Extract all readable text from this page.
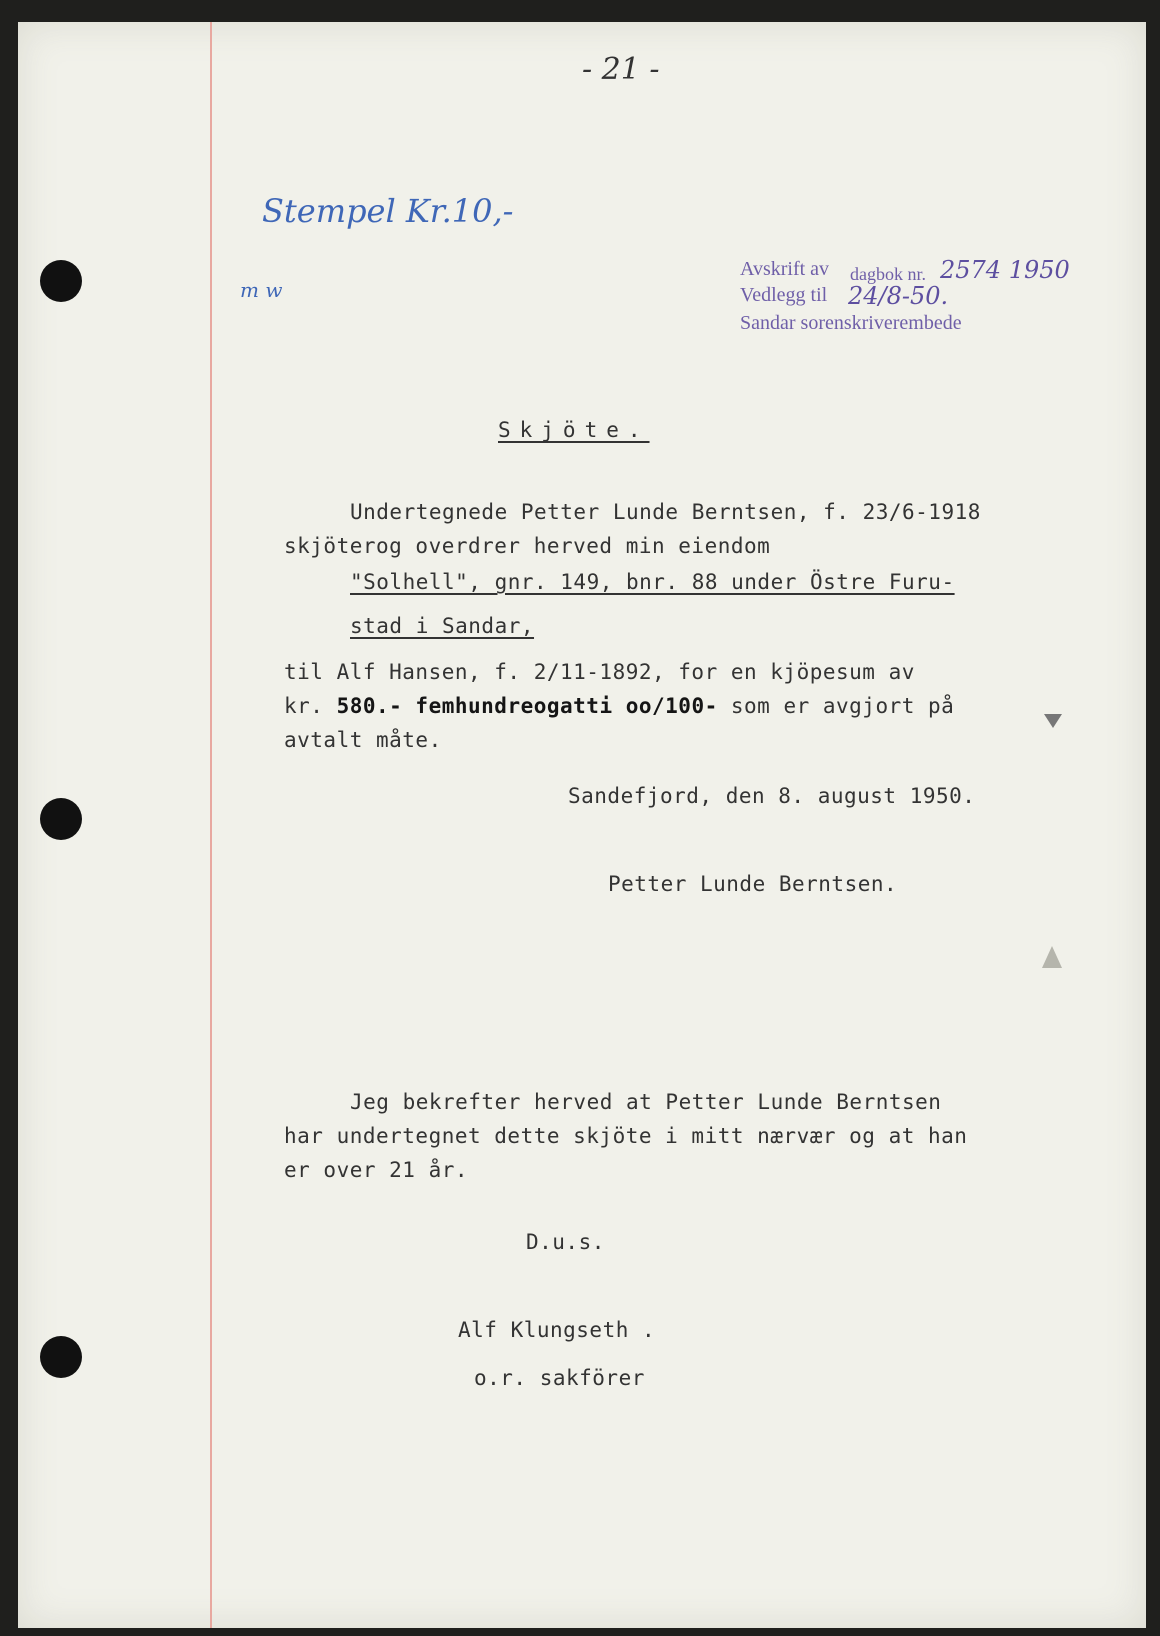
- 21 -
Stempel Kr.10,-
m w
Avskrift av dagbok nr. 2574 1950
Vedlegg til 24/8-50.
Sandar sorenskriverembede
Skjöte.
Undertegnede Petter Lunde Berntsen, f. 23/6-1918
skjöterog overdrer herved min eiendom
"Solhell", gnr. 149, bnr. 88 under Östre Furu-
stad i Sandar,
til Alf Hansen, f. 2/11-1892, for en kjöpesum av
kr. 580.- femhundreogatti oo/100- som er avgjort på
avtalt måte.
Sandefjord, den 8. august 1950.
Petter Lunde Berntsen.
Jeg bekrefter herved at Petter Lunde Berntsen
har undertegnet dette skjöte i mitt nærvær og at han
er over 21 år.
D.u.s.
Alf Klungseth .
o.r. sakförer
